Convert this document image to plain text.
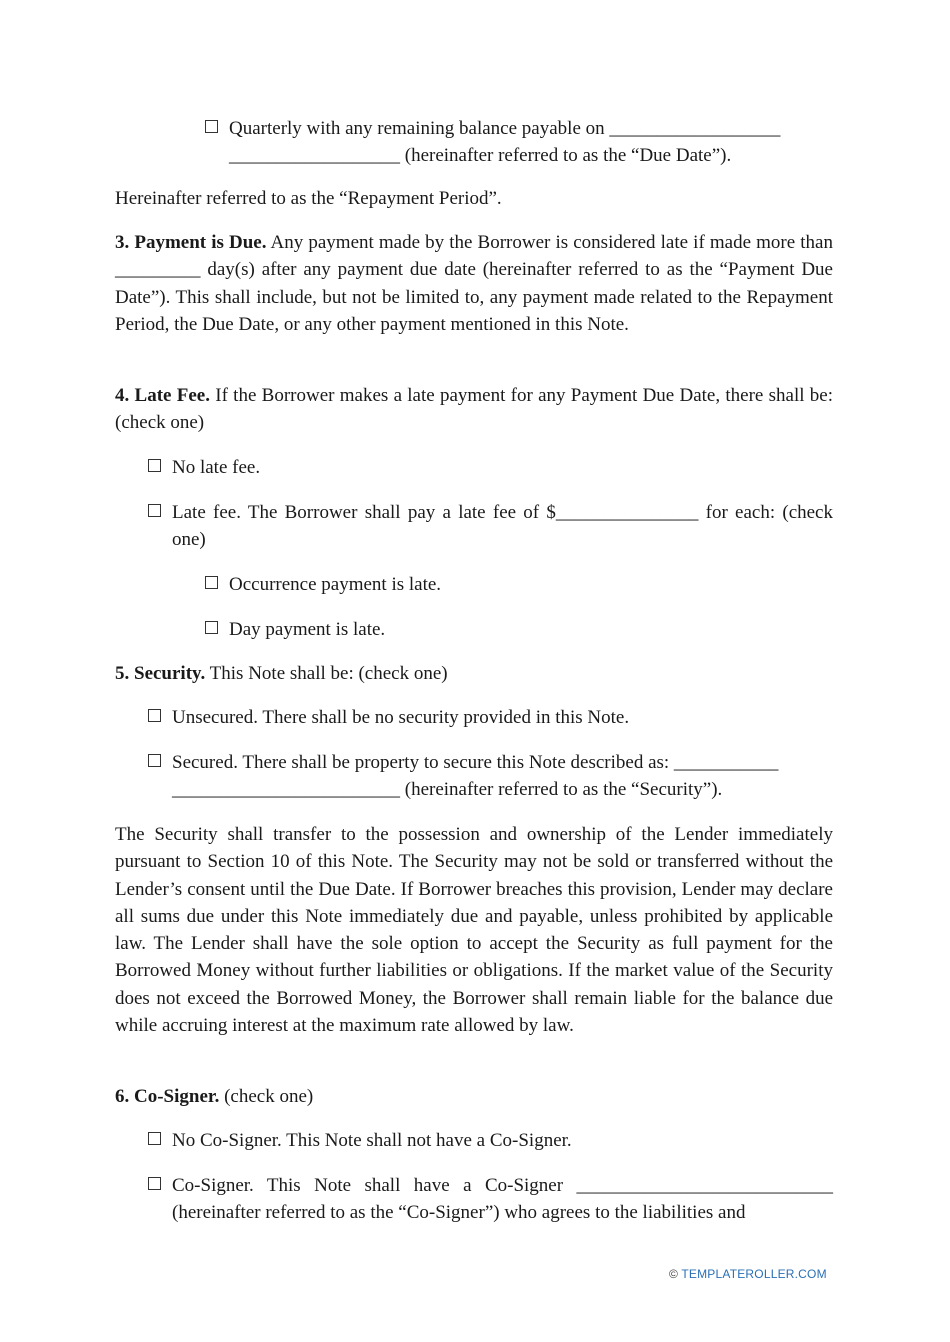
Quarterly with any remaining balance payable on __________________
__________________ (hereinafter referred to as the “Due Date”).

Hereinafter referred to as the “Repayment Period”.

3. Payment is Due. Any payment made by the Borrower is considered late if made more than _________ day(s) after any payment due date (hereinafter referred to as the “Payment Due Date”). This shall include, but not be limited to, any payment made related to the Repayment Period, the Due Date, or any other payment mentioned in this Note.

4. Late Fee. If the Borrower makes a late payment for any Payment Due Date, there shall be: (check one)

No late fee.
Late fee. The Borrower shall pay a late fee of $_______________ for each: (check one)
Occurrence payment is late.
Day payment is late.

5. Security. This Note shall be: (check one)

Unsecured. There shall be no security provided in this Note.
Secured. There shall be property to secure this Note described as: ___________
________________________ (hereinafter referred to as the “Security”).

The Security shall transfer to the possession and ownership of the Lender immediately pursuant to Section 10 of this Note. The Security may not be sold or transferred without the Lender’s consent until the Due Date. If Borrower breaches this provision, Lender may declare all sums due under this Note immediately due and payable, unless prohibited by applicable law. The Lender shall have the sole option to accept the Security as full payment for the Borrowed Money without further liabilities or obligations. If the market value of the Security does not exceed the Borrowed Money, the Borrower shall remain liable for the balance due while accruing interest at the maximum rate allowed by law.

6. Co-Signer. (check one)

No Co-Signer. This Note shall not have a Co-Signer.
Co-Signer. This Note shall have a Co-Signer ___________________________ (hereinafter referred to as the “Co-Signer”) who agrees to the liabilities and
© TEMPLATEROLLER.COM
